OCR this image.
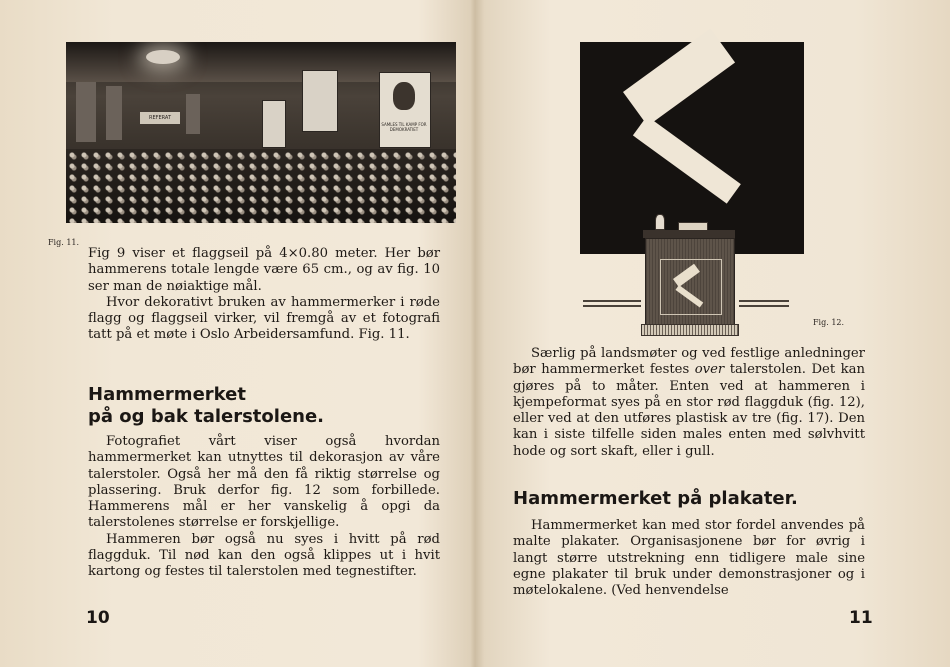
REFERAT
SAMLES TIL KAMP FOR DEMOKRATIET
Fig. 11.

Fig 9 viser et flaggseil på 4×0.80 meter. Her bør hammerens totale lengde være 65 cm., og av fig. 10 ser man de nøiaktige mål.

Hvor dekorativt bruken av hammermerker i røde flagg og flaggseil virker, vil fremgå av et fotografi tatt på et møte i Oslo Arbeidersamfund. Fig. 11.

Hammermerket
på og bak talerstolene.

Fotografiet vårt viser også hvordan hammermerket kan utnyttes til dekorasjon av våre talerstoler. Også her må den få riktig størrelse og plassering. Bruk derfor fig. 12 som forbillede. Hammerens mål er her vanskelig å opgi da talerstolenes størrelse er forskjellige.

Hammeren bør også nu syes i hvitt på rød flaggduk. Til nød kan den også klippes ut i hvit kartong og festes til talerstolen med tegnestifter.

10
Fig. 12.

Særlig på landsmøter og ved festlige anledninger bør hammermerket festes over talerstolen. Det kan gjøres på to måter. Enten ved at hammeren i kjempeformat syes på en stor rød flaggduk (fig. 12), eller ved at den utføres plastisk av tre (fig. 17). Den kan i siste tilfelle siden males enten med sølvhvitt hode og sort skaft, eller i gull.

Hammermerket på plakater.

Hammermerket kan med stor fordel anvendes på malte plakater. Organisasjonene bør for øvrig i langt større utstrekning enn tidligere male sine egne plakater til bruk under demonstrasjoner og i møtelokalene. (Ved henvendelse

11
